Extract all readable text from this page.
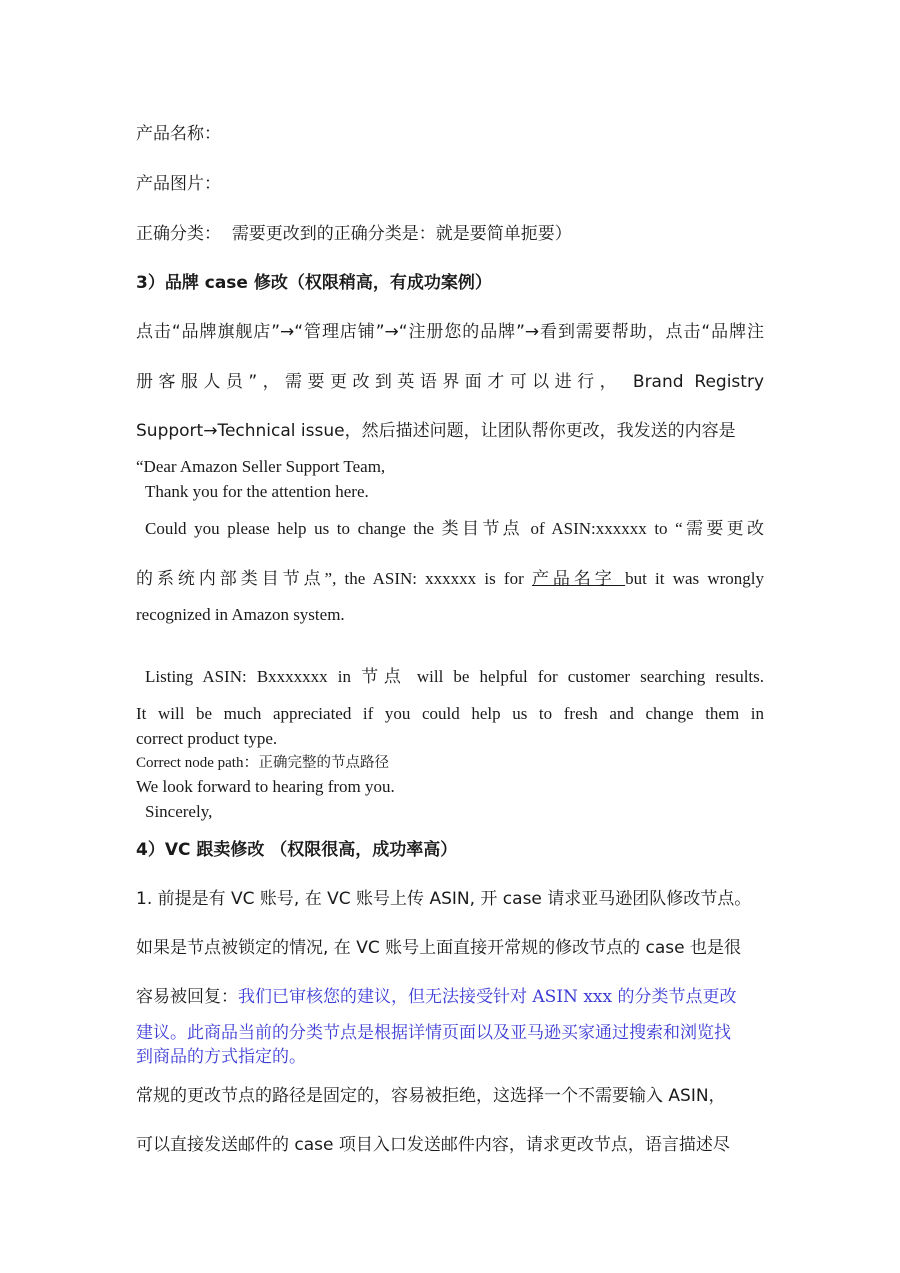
产品名称：
产品图片：
正确分类： 需要更改到的正确分类是：就是要简单扼要）
3）品牌 case 修改（权限稍高，有成功案例）
点击“品牌旗舰店”→“管理店铺”→“注册您的品牌”→看到需要帮助，点击“品牌注
册客服人员”，需要更改到英语界面才可以进行， Brand Registry
Support→Technical issue，然后描述问题，让团队帮你更改，我发送的内容是
“Dear Amazon Seller Support Team,
Thank you for the attention here.
Could you please help us to change the 类目节点 of ASIN:xxxxxx to “需要更改
的系统内部类目节点”, the ASIN: xxxxxx is for 产品名字 but it was wrongly
recognized in Amazon system.
Listing ASIN: Bxxxxxxx in 节点 will be helpful for customer searching results.
It will be much appreciated if you could help us to fresh and change them in
correct product type.
Correct node path：正确完整的节点路径
We look forward to hearing from you.
Sincerely,
4）VC 跟卖修改 （权限很高，成功率高）
1. 前提是有 VC 账号, 在 VC 账号上传 ASIN, 开 case 请求亚马逊团队修改节点。
如果是节点被锁定的情况, 在 VC 账号上面直接开常规的修改节点的 case 也是很
容易被回复：我们已审核您的建议，但无法接受针对 ASIN xxx 的分类节点更改
建议。此商品当前的分类节点是根据详情页面以及亚马逊买家通过搜索和浏览找
到商品的方式指定的。
常规的更改节点的路径是固定的，容易被拒绝，这选择一个不需要输入 ASIN，
可以直接发送邮件的 case 项目入口发送邮件内容，请求更改节点，语言描述尽
